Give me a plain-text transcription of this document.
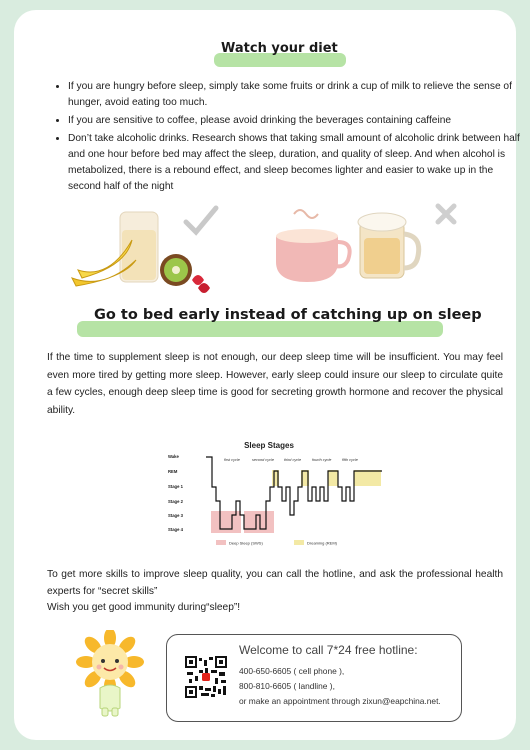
Watch your diet
• If you are hungry before sleep, simply take some fruits or drink a cup of milk to relieve the sense of hunger, avoid eating too much.
• If you are sensitive to coffee, please avoid drinking the beverages containing caffeine
• Don’t take alcoholic drinks. Research shows that taking small amount of alcoholic drink between half and one hour before bed may affect the sleep, duration, and quality of sleep. And when alcohol is metabolized, there is a rebound effect, and sleep becomes lighter and easier to wake up in the second half of the night
Go to bed early instead of catching up on sleep
If the time to supplement sleep is not enough, our deep sleep time will be insufficient. You may feel even more tired by getting more sleep. However, early sleep could insure our sleep to circulate quite a few cycles, enough deep sleep time is good for secreting growth hormone and recover the physical ability.
Sleep Stages
Wake
REM
Stage 1
Stage 2
Stage 3
Stage 4
first cycle	second cycle	third cycle	fourth cycle	fifth cycle
Deep Sleep (SWS)	Dreaming (REM)
To get more skills to improve sleep quality, you can call the hotline, and ask the professional health experts for “secret skills”
Wish you get good immunity during“sleep”!
Welcome to call 7*24 free hotline:
400-650-6605 ( cell phone ),
800-810-6605 ( landline ),
or make an appointment through zixun@eapchina.net.
